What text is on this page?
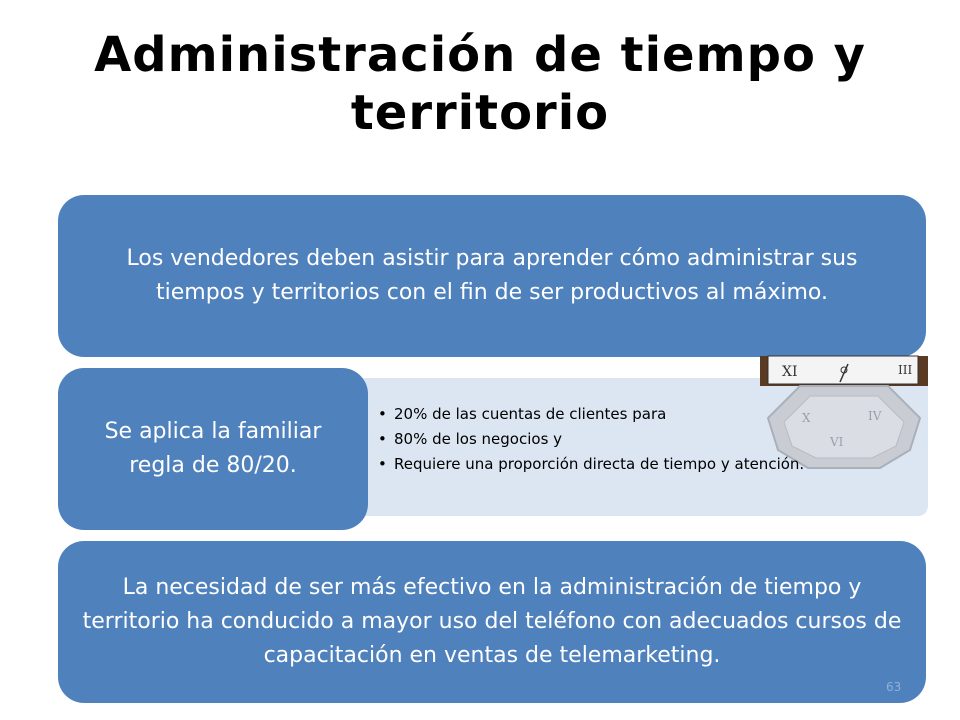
Administración de tiempo y
territorio
Los vendedores deben asistir para aprender cómo administrar sus tiempos y territorios con el fin de ser productivos al máximo.
XI	III
X
VI
IV
Se aplica la familiar regla de 80/20.
• 20% de las cuentas de clientes para
• 80% de los negocios y
• Requiere una proporción directa de tiempo y atención.
La necesidad de ser más efectivo en la administración de tiempo y territorio ha conducido a mayor uso del teléfono con adecuados cursos de capacitación en ventas de telemarketing.
63
